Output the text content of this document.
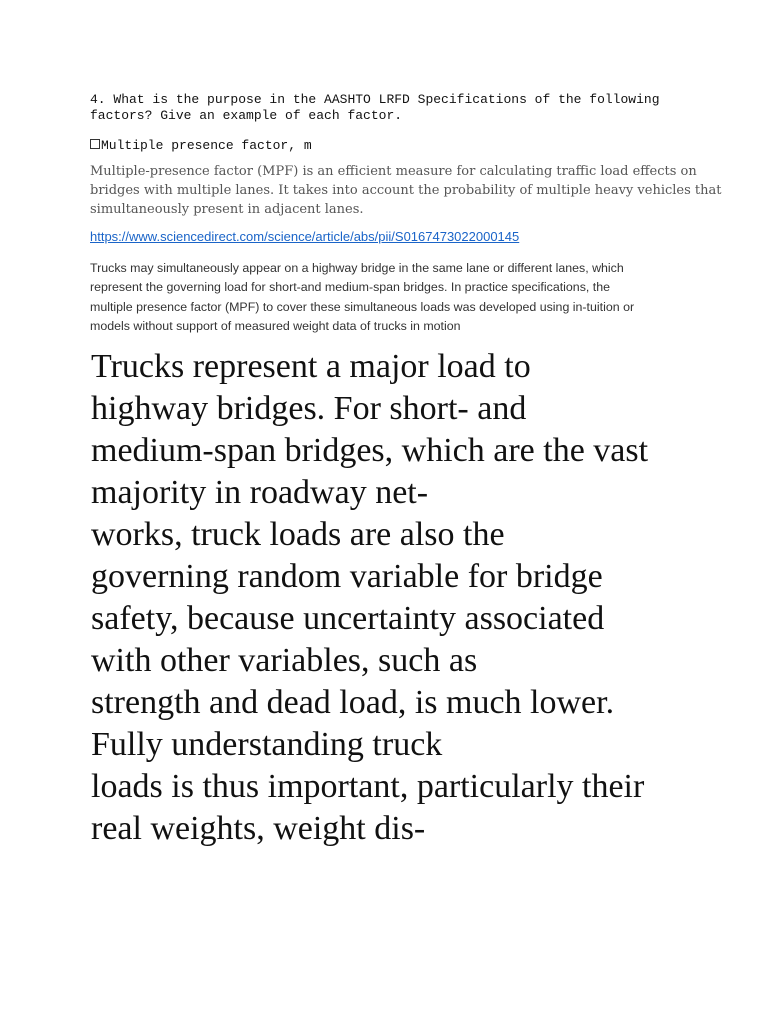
4. What is the purpose in the AASHTO LRFD Specifications of the following
factors? Give an example of each factor.
Multiple presence factor, m
Multiple-presence factor (MPF) is an efficient measure for calculating traffic load effects on
bridges with multiple lanes. It takes into account the probability of multiple heavy vehicles that
simultaneously present in adjacent lanes.
https://www.sciencedirect.com/science/article/abs/pii/S0167473022000145
Trucks may simultaneously appear on a highway bridge in the same lane or different lanes, which
represent the governing load for short-and medium-span bridges. In practice specifications, the
multiple presence factor (MPF) to cover these simultaneous loads was developed using in-tuition or
models without support of measured weight data of trucks in motion
Trucks represent a major load to
highway bridges. For short- and
medium-span bridges, which are the vast
majority in roadway net-
works, truck loads are also the
governing random variable for bridge
safety, because uncertainty associated
with other variables, such as
strength and dead load, is much lower.
Fully understanding truck
loads is thus important, particularly their
real weights, weight dis-
